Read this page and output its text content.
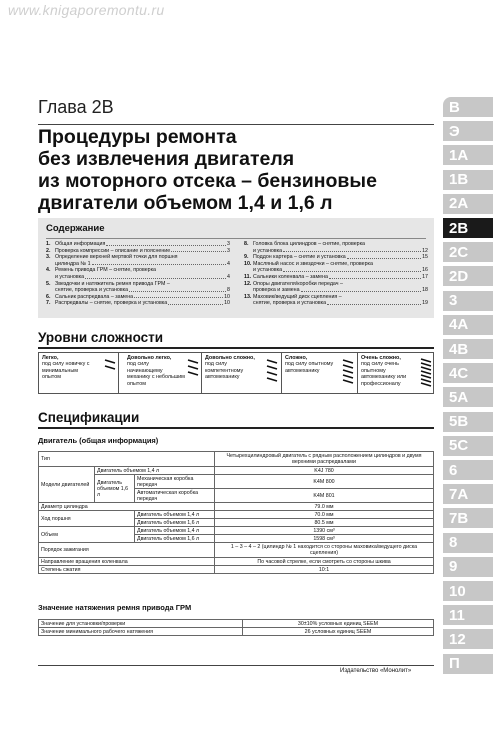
www.knigaporemontu.ru
Глава 2В
Процедуры ремонта
без извлечения двигателя
из моторного отсека – бензиновые
двигатели объемом 1,4 и 1,6 л
Содержание
1. Общая информация	3
2. Проверка компрессии – описание и пояснение	3
3. Определение верхней мертвой точки для поршня
цилиндра № 1	4
4. Ремень привода ГРМ – снятие, проверка
и установка	4
5. Звездочки и натяжитель ремня привода ГРМ –
снятие, проверка и установка	8
6. Сальник распредвала – замена	10
7. Распредвалы – снятие, проверка и установка	10
8. Головка блока цилиндров – снятие, проверка
и установка	12
9. Поддон картера – снятие и установка	15
10. Масляный насос и звездочки – снятие, проверка
и установка	16
11. Сальники коленвала – замена	17
12. Опоры двигателя/коробки передач –
проверка и замена	18
13. Маховик/ведущий диск сцепления –
снятие, проверка и установка	19
Уровни сложности
Легко,
под силу новичку с минимальным опытом
Довольно легко,
под силу начинающему механику с небольшим опытом
Довольно сложно,
под силу компетентному автомеханику
Сложно,
под силу опытному автомеханику
Очень сложно,
под силу очень опытному автомеханику или профессионалу
Спецификации
Двигатель (общая информация)
Тип			Четырехцилиндровый двигатель с рядным расположением цилиндров и двумя верхними распредвалами
Модели двигателей	Двигатель объемом 1,4 л		K4J 780
	Двигатель объемом 1,6 л	Механическая коробка передач	K4M 800
		Автоматическая коробка передач	K4M 801
Диаметр цилиндра			79.0 мм
Ход поршня		Двигатель объемом 1,4 л	70.0 мм
		Двигатель объемом 1,6 л	80.5 мм
Объем		Двигатель объемом 1,4 л	1390 см³
		Двигатель объемом 1,6 л	1598 см³
Порядок зажигания			1 – 3 – 4 – 2 (цилиндр № 1 находится со стороны маховика/ведущего диска сцепления)
Направление вращения коленвала			По часовой стрелке, если смотреть со стороны шкива
Степень сжатия			10:1
Значение натяжения ремня привода ГРМ
Значение для установки/проверки	30±10% условных единиц SEEM
Значение минимального рабочего натяжения	26 условных единиц SEEM
Издательство «Монолит»
В
Э
1А
1В
2А
2В
2С
2D
3
4А
4В
4С
5А
5В
5С
6
7А
7В
8
9
10
11
12
П
